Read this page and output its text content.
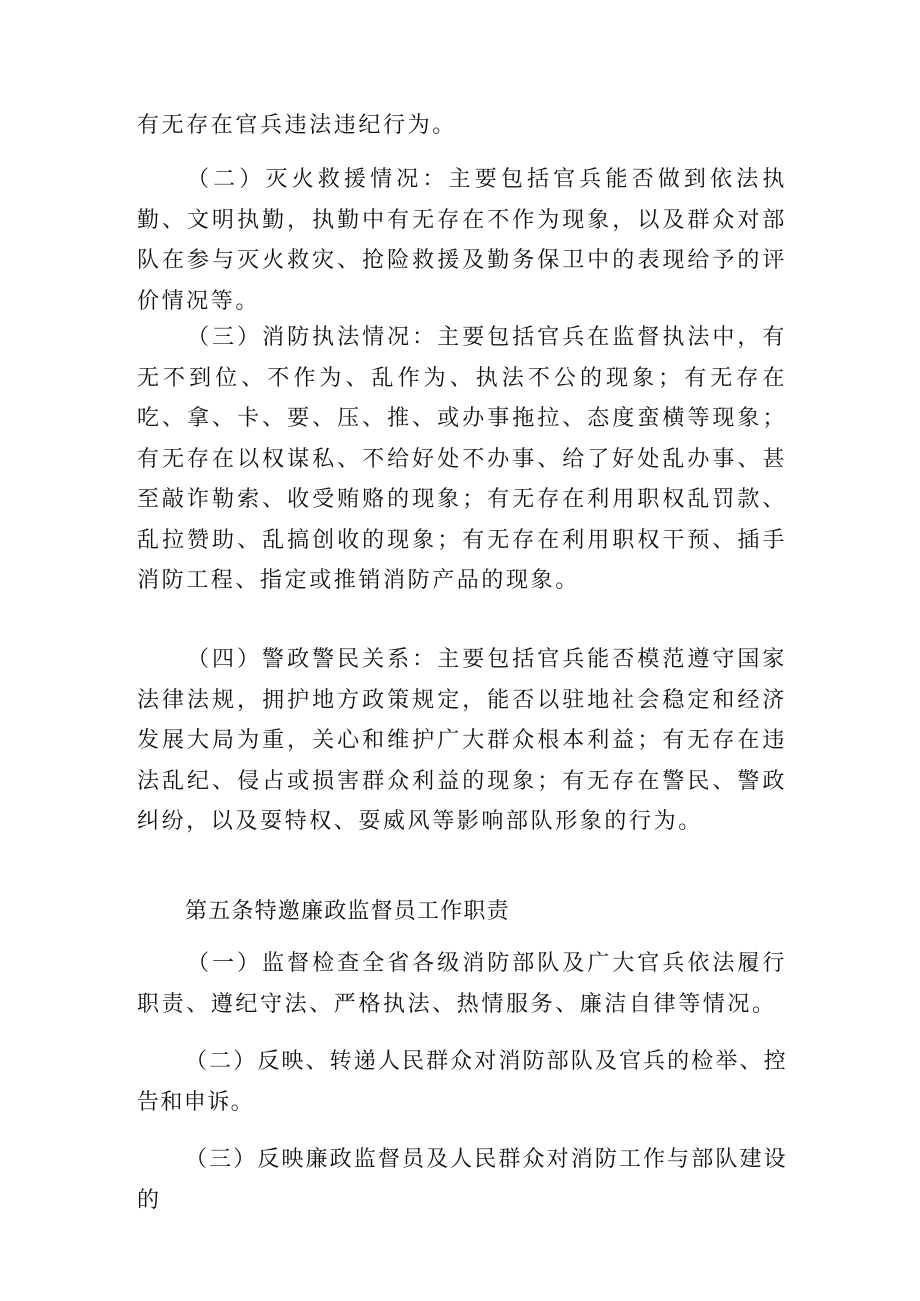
有无存在官兵违法违纪行为。

（二）灭火救援情况：主要包括官兵能否做到依法执勤、文明执勤，执勤中有无存在不作为现象，以及群众对部队在参与灭火救灾、抢险救援及勤务保卫中的表现给予的评价情况等。

（三）消防执法情况：主要包括官兵在监督执法中，有无不到位、不作为、乱作为、执法不公的现象；有无存在吃、拿、卡、要、压、推、或办事拖拉、态度蛮横等现象；有无存在以权谋私、不给好处不办事、给了好处乱办事、甚至敲诈勒索、收受贿赂的现象；有无存在利用职权乱罚款、乱拉赞助、乱搞创收的现象；有无存在利用职权干预、插手消防工程、指定或推销消防产品的现象。

（四）警政警民关系：主要包括官兵能否模范遵守国家法律法规，拥护地方政策规定，能否以驻地社会稳定和经济发展大局为重，关心和维护广大群众根本利益；有无存在违法乱纪、侵占或损害群众利益的现象；有无存在警民、警政纠纷，以及耍特权、耍威风等影响部队形象的行为。

第五条特邀廉政监督员工作职责

（一）监督检查全省各级消防部队及广大官兵依法履行职责、遵纪守法、严格执法、热情服务、廉洁自律等情况。

（二）反映、转递人民群众对消防部队及官兵的检举、控告和申诉。

（三）反映廉政监督员及人民群众对消防工作与部队建设的
